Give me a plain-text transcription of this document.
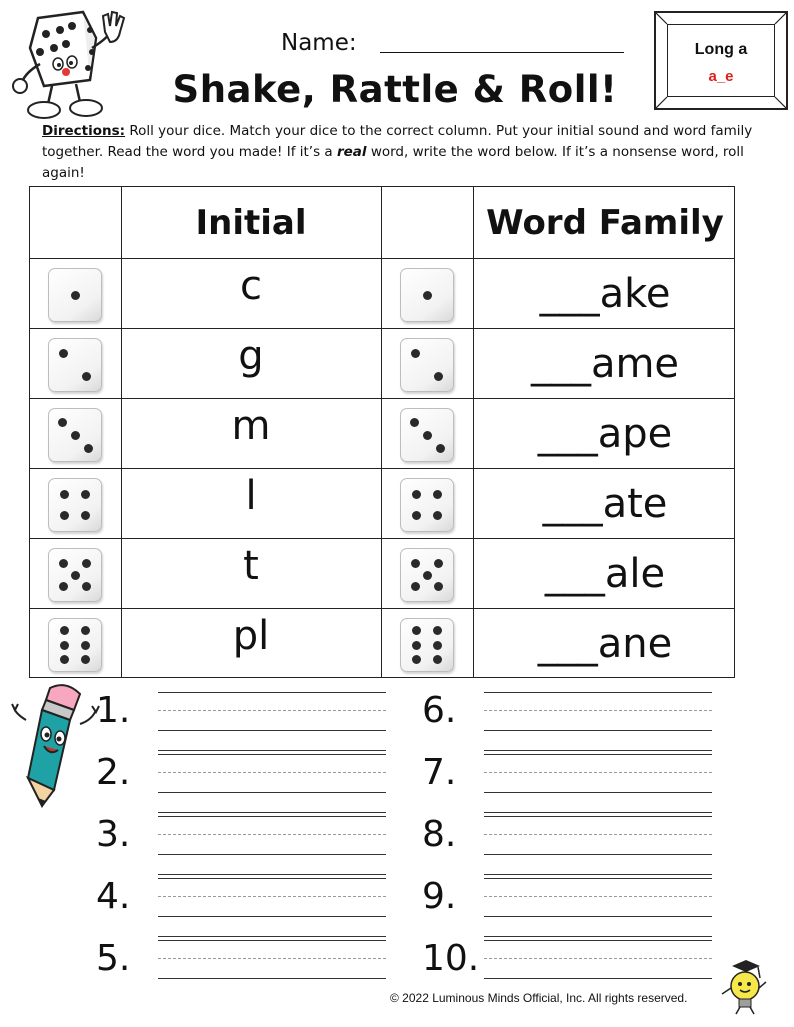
Name:
Shake, Rattle & Roll!
Long a
a_e
Directions: Roll your dice. Match your dice to the correct column. Put your initial sound and word family together. Read the word you made! If it’s a real word, write the word below. If it’s a nonsense word, roll again!
Initial	Word Family
c	___ake
g	___ame
m	___ape
l	___ate
t	___ale
pl	___ane
1.
2.
3.
4.
5.
6.
7.
8.
9.
10.
© 2022 Luminous Minds Official, Inc. All rights reserved.
